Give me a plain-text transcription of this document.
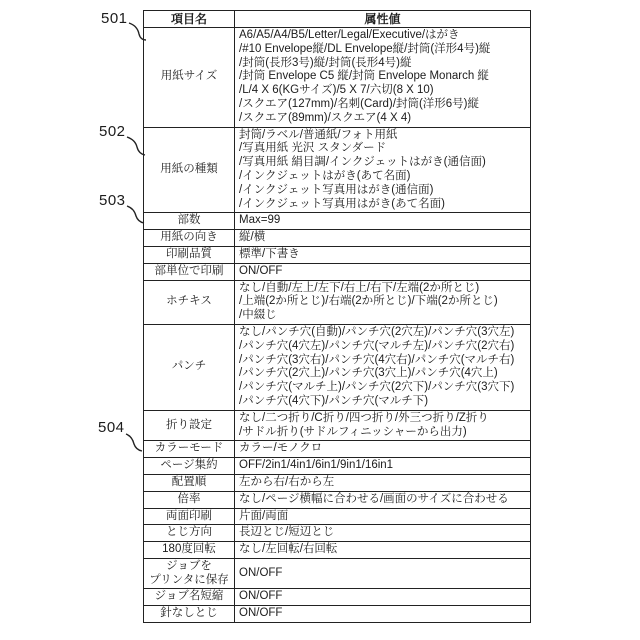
501
502
503
504
項目名	属性値
用紙サイズ	A6/A5/A4/B5/Letter/Legal/Executive/はがき
/#10 Envelope縦/DL Envelope縦/封筒(洋形4号)縦
/封筒(長形3号)縦/封筒(長形4号)縦
/封筒 Envelope C5 縦/封筒 Envelope Monarch 縦
/L/4 X 6(KGサイズ)/5 X 7/六切(8 X 10)
/スクエア(127mm)/名刺(Card)/封筒(洋形6号)縦
/スクエア(89mm)/スクエア(4 X 4)
用紙の種類	封筒/ラベル/普通紙/フォト用紙
/写真用紙 光沢 スタンダード
/写真用紙 絹目調/インクジェットはがき(通信面)
/インクジェットはがき(あて名面)
/インクジェット写真用はがき(通信面)
/インクジェット写真用はがき(あて名面)
部数	Max=99
用紙の向き	縦/横
印刷品質	標準/下書き
部単位で印刷	ON/OFF
ホチキス	なし/自動/左上/左下/右上/右下/左端(2か所とじ)
/上端(2か所とじ)/右端(2か所とじ)/下端(2か所とじ)
/中綴じ
パンチ	なし/パンチ穴(自動)/パンチ穴(2穴左)/パンチ穴(3穴左)
/パンチ穴(4穴左)/パンチ穴(マルチ左)/パンチ穴(2穴右)
/パンチ穴(3穴右)/パンチ穴(4穴右)/パンチ穴(マルチ右)
/パンチ穴(2穴上)/パンチ穴(3穴上)/パンチ穴(4穴上)
/パンチ穴(マルチ上)/パンチ穴(2穴下)/パンチ穴(3穴下)
/パンチ穴(4穴下)/パンチ穴(マルチ下)
折り設定	なし/二つ折り/C折り/四つ折り/外三つ折り/Z折り
/サドル折り(サドルフィニッシャーから出力)
カラーモード	カラー/モノクロ
ページ集約	OFF/2in1/4in1/6in1/9in1/16in1
配置順	左から右/右から左
倍率	なし/ページ横幅に合わせる/画面のサイズに合わせる
両面印刷	片面/両面
とじ方向	長辺とじ/短辺とじ
180度回転	なし/左回転/右回転
ジョブを
プリンタに保存	ON/OFF
ジョブ名短縮	ON/OFF
針なしとじ	ON/OFF
